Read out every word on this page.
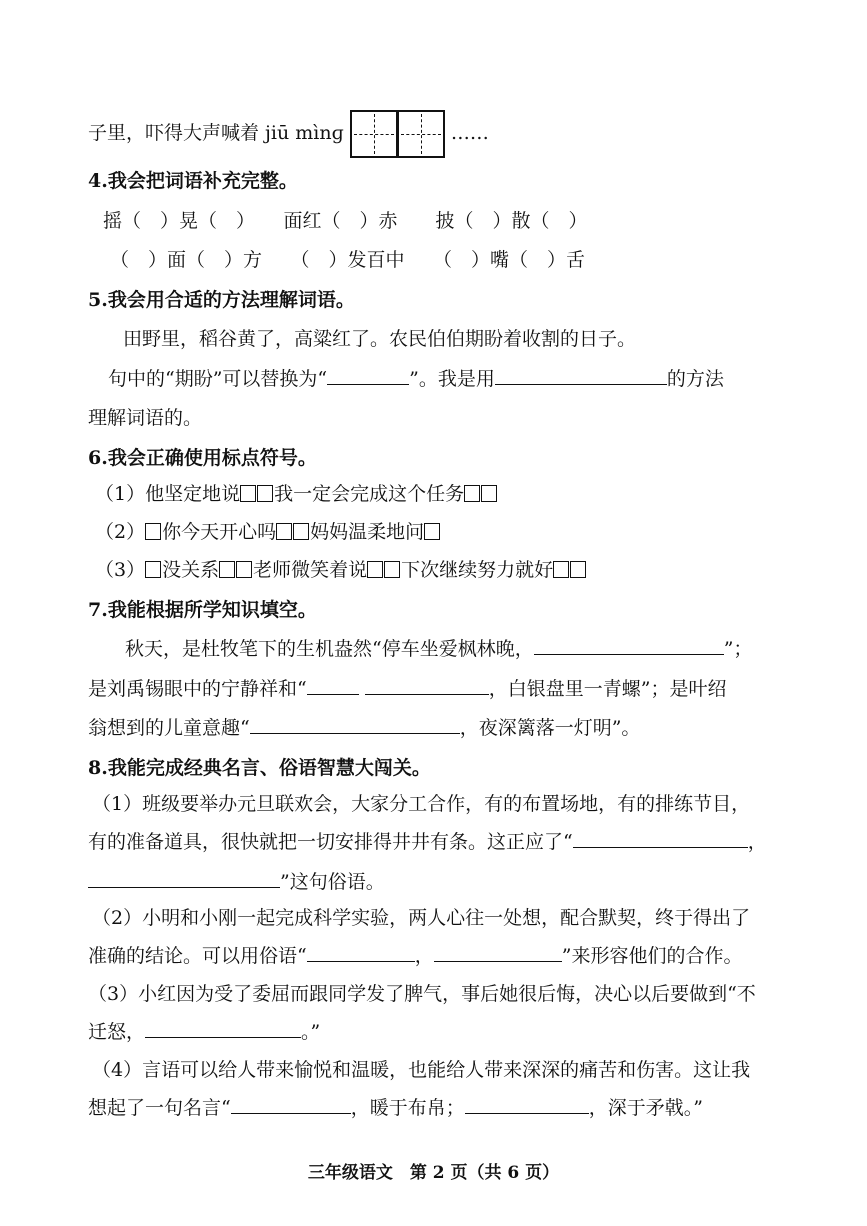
子里，吓得大声喊着 jiū mìnɡ	……
4.我会把词语补充完整。
摇（　）晃（　）　　面红（　）赤　　披（　）散（　）
（　）面（　）方　　（　）发百中　　（　）嘴（　）舌
5.我会用合适的方法理解词语。
田野里，稻谷黄了，高粱红了。农民伯伯期盼着收割的日子。
句中的“期盼”可以替换为“	”。我是用	的方法
理解词语的。
6.我会正确使用标点符号。
（1）他坚定地说 我一定会完成这个任务
（2） 你今天开心吗 妈妈温柔地问
（3） 没关系 老师微笑着说 下次继续努力就好
7.我能根据所学知识填空。
秋天，是杜牧笔下的生机盎然“停车坐爱枫林晚，	”；
是刘禹锡眼中的宁静祥和“	，白银盘里一青螺”；是叶绍
翁想到的儿童意趣“	，夜深篱落一灯明”。
8.我能完成经典名言、俗语智慧大闯关。
（1）班级要举办元旦联欢会，大家分工合作，有的布置场地，有的排练节目，
有的准备道具，很快就把一切安排得井井有条。这正应了“	，
”这句俗语。
（2）小明和小刚一起完成科学实验，两人心往一处想，配合默契，终于得出了
准确的结论。可以用俗语“	，	”来形容他们的合作。
（3）小红因为受了委屈而跟同学发了脾气，事后她很后悔，决心以后要做到“不
迁怒，	。”
（4）言语可以给人带来愉悦和温暖，也能给人带来深深的痛苦和伤害。这让我
想起了一句名言“	，暖于布帛；	，深于矛戟。”
三年级语文　第 2 页（共 6 页）
